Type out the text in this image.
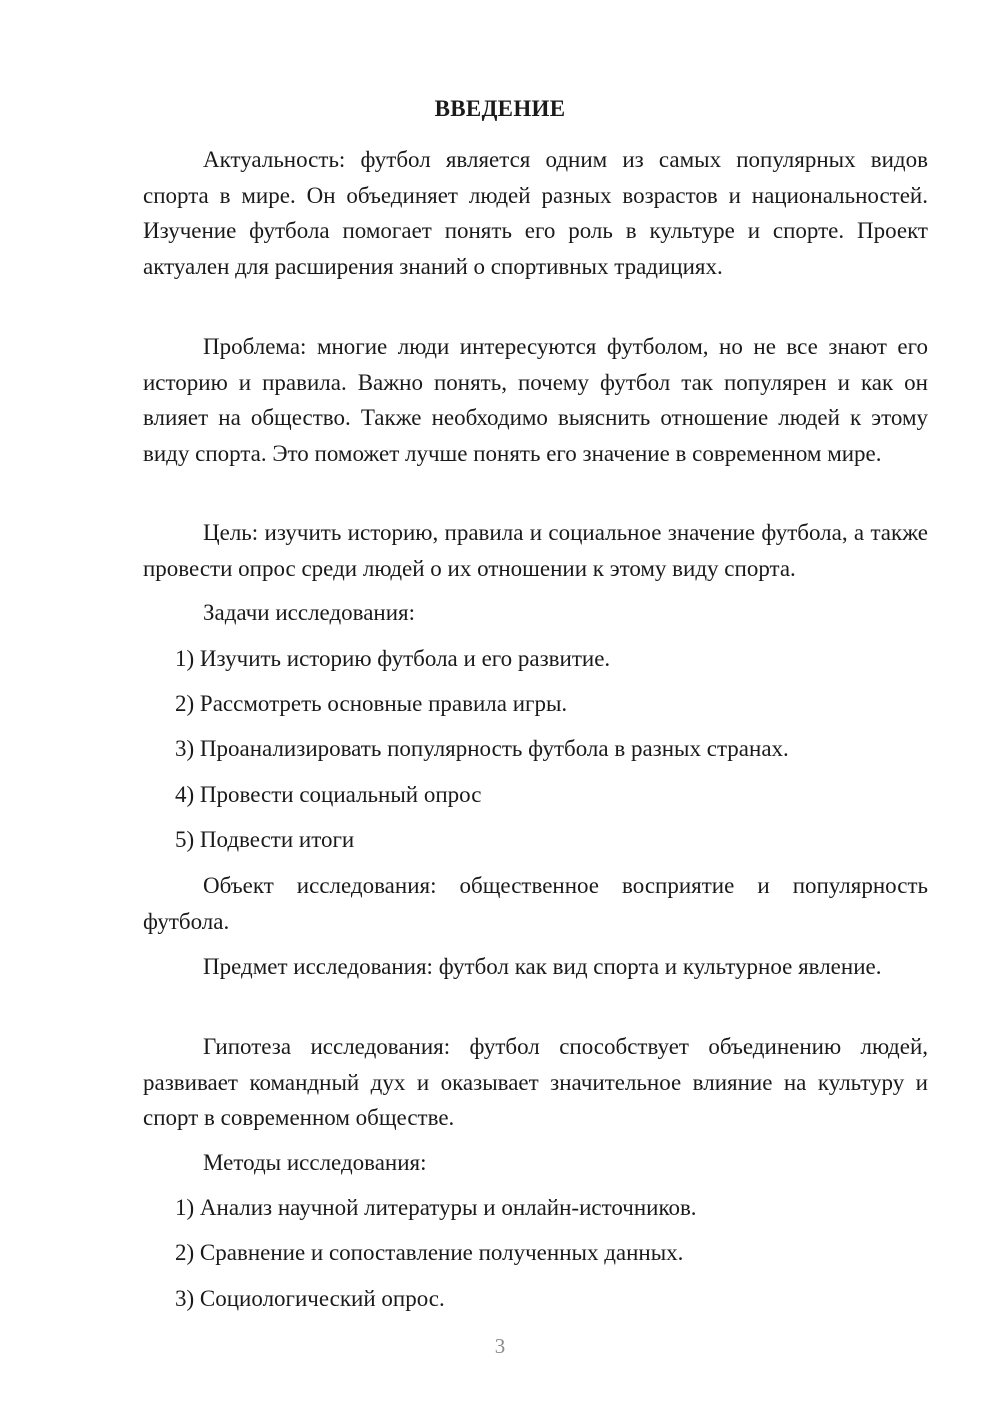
ВВЕДЕНИЕ

Актуальность: футбол является одним из самых популярных видов спорта в мире. Он объединяет людей разных возрастов и национальностей. Изучение футбола помогает понять его роль в культуре и спорте. Проект актуален для расширения знаний о спортивных традициях.

Проблема: многие люди интересуются футболом, но не все знают его историю и правила. Важно понять, почему футбол так популярен и как он влияет на общество. Также необходимо выяснить отношение людей к этому виду спорта. Это поможет лучше понять его значение в современном мире.

Цель: изучить историю, правила и социальное значение футбола, а также провести опрос среди людей о их отношении к этому виду спорта.

Задачи исследования:

1) Изучить историю футбола и его развитие.

2) Рассмотреть основные правила игры.

3) Проанализировать популярность футбола в разных странах.

4) Провести социальный опрос

5) Подвести итоги

Объект исследования: общественное восприятие и популярность футбола.

Предмет исследования: футбол как вид спорта и культурное явление.

Гипотеза исследования: футбол способствует объединению людей, развивает командный дух и оказывает значительное влияние на культуру и спорт в современном обществе.

Методы исследования:

1) Анализ научной литературы и онлайн-источников.

2) Сравнение и сопоставление полученных данных.

3) Социологический опрос.

3
